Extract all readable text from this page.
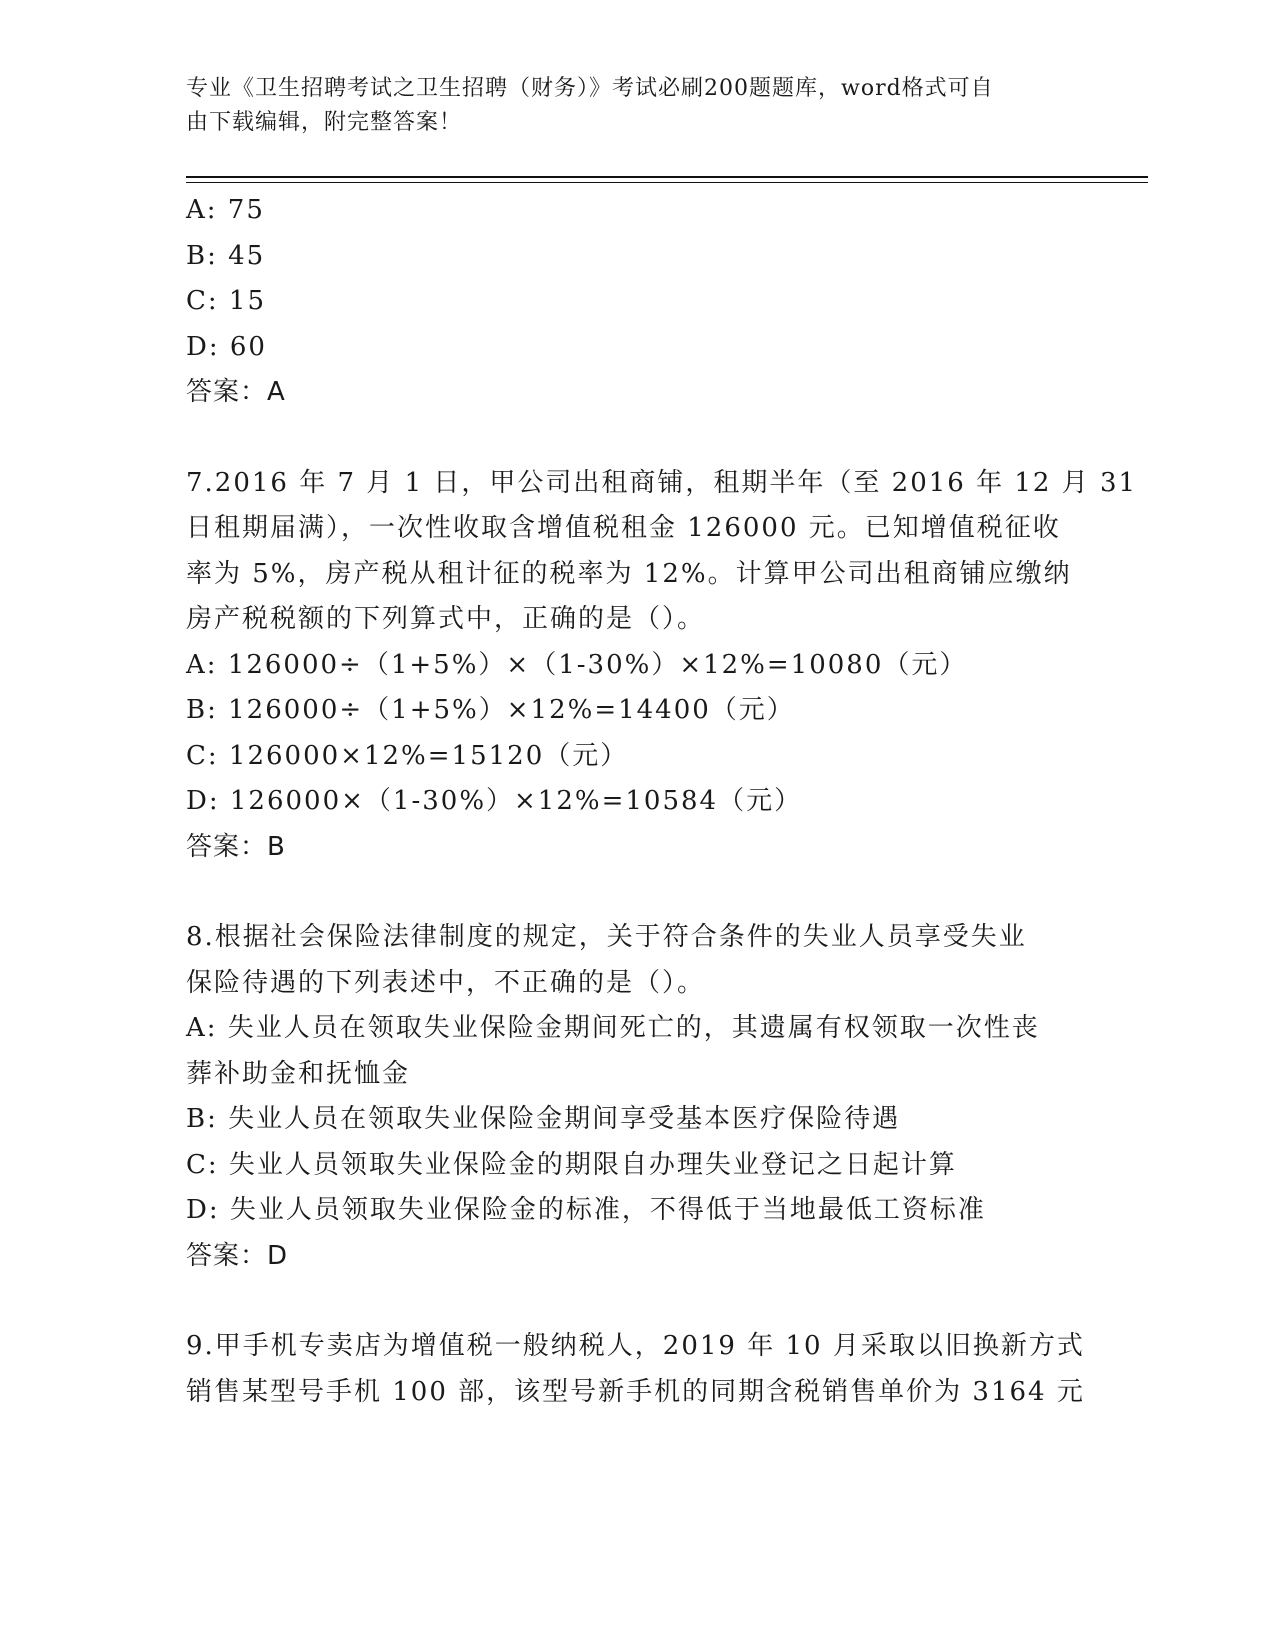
专业《卫生招聘考试之卫生招聘（财务）》考试必刷200题题库，word格式可自
由下载编辑，附完整答案！
A: 75
B: 45
C: 15
D: 60
答案：A
7.2016 年 7 月 1 日，甲公司出租商铺，租期半年（至 2016 年 12 月 31
日租期届满），一次性收取含增值税租金 126000 元。已知增值税征收
率为 5%，房产税从租计征的税率为 12%。计算甲公司出租商铺应缴纳
房产税税额的下列算式中，正确的是（）。
A: 126000÷（1+5%）×（1-30%）×12%=10080（元）
B: 126000÷（1+5%）×12%=14400（元）
C: 126000×12%=15120（元）
D: 126000×（1-30%）×12%=10584（元）
答案：B
8.根据社会保险法律制度的规定，关于符合条件的失业人员享受失业
保险待遇的下列表述中，不正确的是（）。
A: 失业人员在领取失业保险金期间死亡的，其遗属有权领取一次性丧
葬补助金和抚恤金
B: 失业人员在领取失业保险金期间享受基本医疗保险待遇
C: 失业人员领取失业保险金的期限自办理失业登记之日起计算
D: 失业人员领取失业保险金的标准，不得低于当地最低工资标准
答案：D
9.甲手机专卖店为增值税一般纳税人，2019 年 10 月采取以旧换新方式
销售某型号手机 100 部，该型号新手机的同期含税销售单价为 3164 元
